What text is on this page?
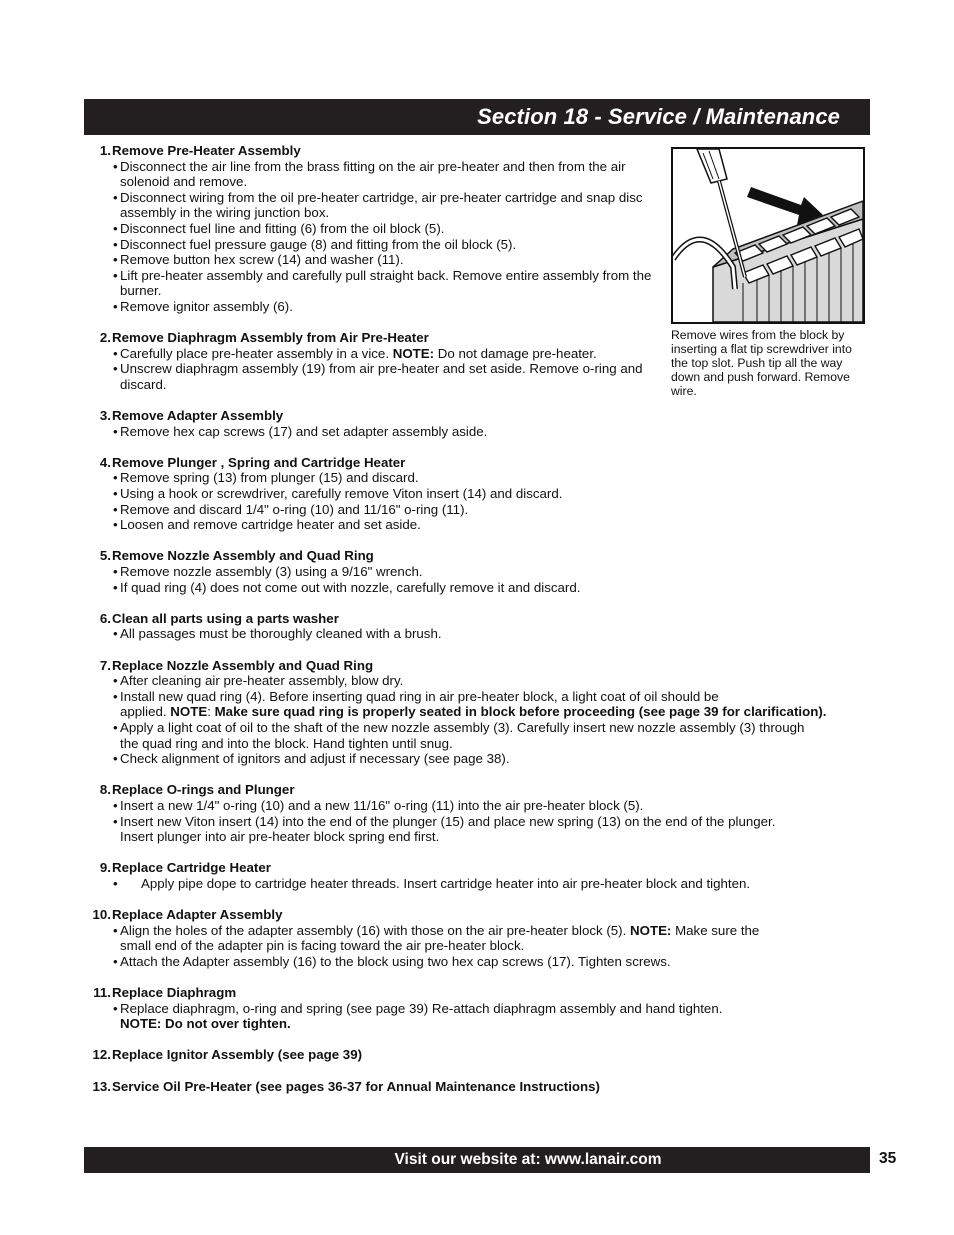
Section 18 - Service / Maintenance
Remove wires from the block by inserting a flat tip screwdriver into the top slot. Push tip all the way down and push forward. Remove wire.
1. Remove Pre-Heater Assembly
• Disconnect the air line from the brass fitting on the air pre-heater and then from the air solenoid and remove.

• Disconnect wiring from the oil pre-heater cartridge, air pre-heater cartridge and snap disc assembly in the wiring junction box.

• Disconnect fuel line and fitting (6) from the oil block (5).

• Disconnect fuel pressure gauge (8) and fitting from the oil block (5).

• Remove button hex screw (14) and washer (11).

• Lift pre-heater assembly and carefully pull straight back. Remove entire assembly from the burner.

• Remove ignitor assembly (6).

2. Remove Diaphragm Assembly from Air Pre-Heater
• Carefully place pre-heater assembly in a vice. NOTE: Do not damage pre-heater.

• Unscrew diaphragm assembly (19) from air pre-heater and set aside. Remove o-ring and discard.

3. Remove Adapter Assembly
• Remove hex cap screws (17) and set adapter assembly aside.

4. Remove Plunger , Spring and Cartridge Heater
• Remove spring (13) from plunger (15) and discard.

• Using a hook or screwdriver, carefully remove Viton insert (14) and discard.

• Remove and discard 1/4" o-ring (10) and 11/16" o-ring (11).

• Loosen and remove cartridge heater and set aside.

5. Remove Nozzle Assembly and Quad Ring
• Remove nozzle assembly (3) using a 9/16" wrench.

• If quad ring (4) does not come out with nozzle, carefully remove it and discard.

6. Clean all parts using a parts washer
• All passages must be thoroughly cleaned with a brush.

7. Replace Nozzle Assembly and Quad Ring
• After cleaning air pre-heater assembly, blow dry.

• Install new quad ring (4). Before inserting quad ring in air pre-heater block, a light coat of oil should be
applied. NOTE: Make sure quad ring is properly seated in block before proceeding (see page 39 for clarification).

• Apply a light coat of oil to the shaft of the new nozzle assembly (3). Carefully insert new nozzle assembly (3) through the quad ring and into the block. Hand tighten until snug.

• Check alignment of ignitors and adjust if necessary (see page 38).

8. Replace O-rings and Plunger
• Insert a new 1/4" o-ring (10) and a new 11/16" o-ring (11) into the air pre-heater block (5).

• Insert new Viton insert (14) into the end of the plunger (15) and place new spring (13) on the end of the plunger. Insert plunger into air pre-heater block spring end first.

9. Replace Cartridge Heater
• Apply pipe dope to cartridge heater threads. Insert cartridge heater into air pre-heater block and tighten.

10. Replace Adapter Assembly
• Align the holes of the adapter assembly (16) with those on the air pre-heater block (5). NOTE: Make sure the small end of the adapter pin is facing toward the air pre-heater block.

• Attach the Adapter assembly (16) to the block using two hex cap screws (17). Tighten screws.

11. Replace Diaphragm
• Replace diaphragm, o-ring and spring (see page 39) Re-attach diaphragm assembly and hand tighten.
NOTE: Do not over tighten.

12. Replace Ignitor Assembly (see page 39)
13. Service Oil Pre-Heater (see pages 36-37 for Annual Maintenance Instructions)
Visit our website at: www.lanair.com	35
